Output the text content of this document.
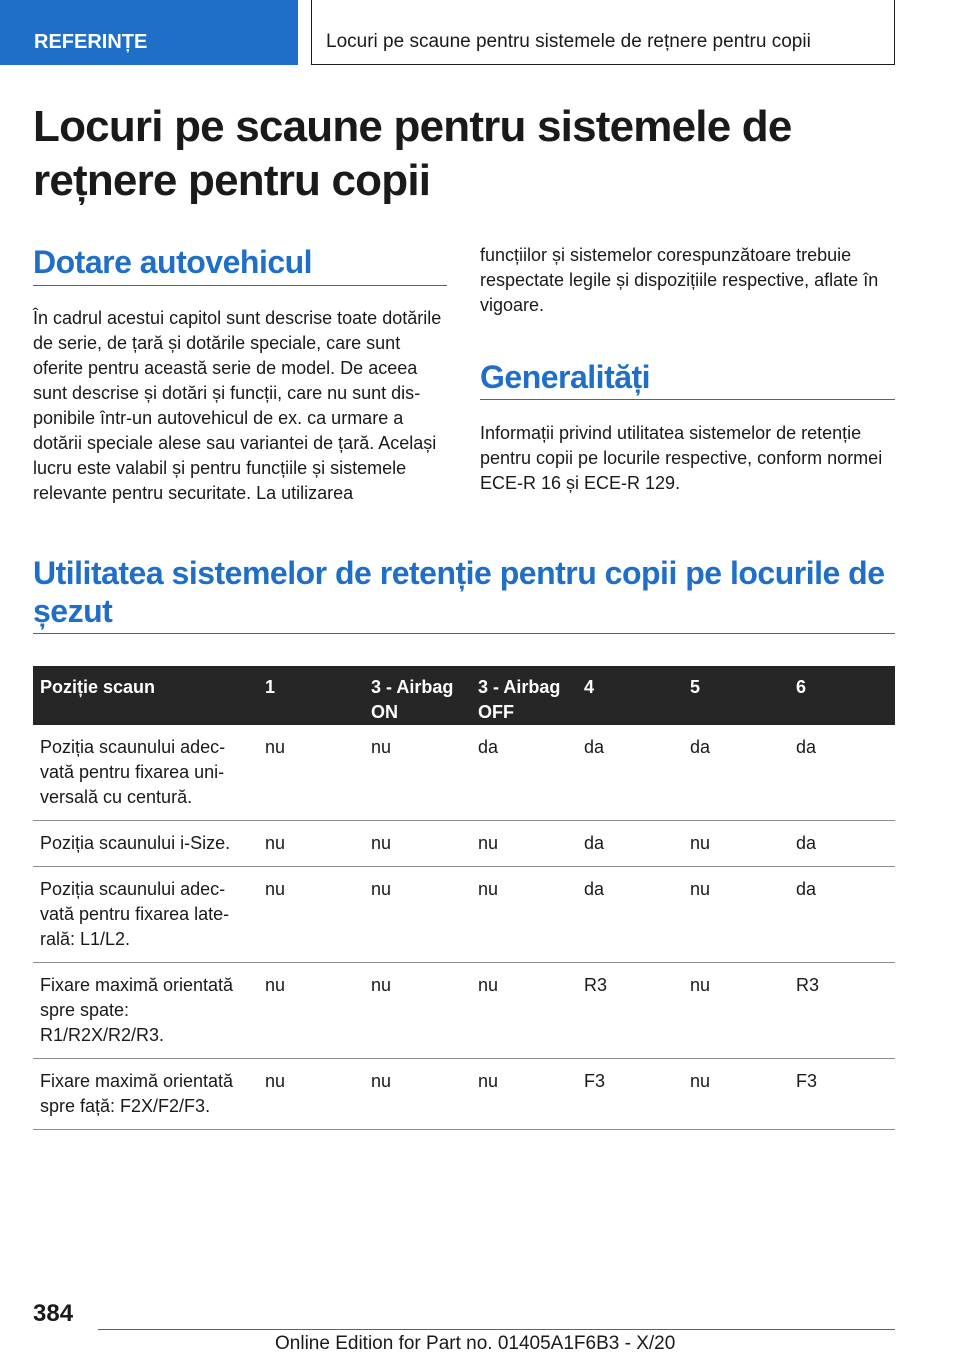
REFERINȚE	Locuri pe scaune pentru sistemele de rețnere pentru copii
Locuri pe scaune pentru sistemele de rețnere pentru copii
Dotare autovehicul

În cadrul acestui capitol sunt descrise toate dotările de serie, de țară și dotările speciale, care sunt oferite pentru această serie de model. De aceea sunt descrise și dotări și funcții, care nu sunt disponibile într-un autovehicul de ex. ca urmare a dotării speciale alese sau variantei de țară. Același lucru este valabil și pentru funcțiile și sistemele relevante pentru securitate. La utilizarea

funcțiilor și sistemelor corespunzătoare trebuie respectate legile și dispozițiile respective, aflate în vigoare.

Generalități

Informații privind utilitatea sistemelor de retenție pentru copii pe locurile respective, conform normei ECE-R 16 și ECE-R 129.

Utilitatea sistemelor de retenție pentru copii pe locurile de șezut
Poziție scaun	1	3 - Airbag ON	3 - Airbag OFF	4	5	6
Poziția scaunului adecvată pentru fixarea universală cu centură.	nu	nu	da	da	da	da
Poziția scaunului i-Size.	nu	nu	nu	da	nu	da
Poziția scaunului adecvată pentru fixarea laterală: L1/L2.	nu	nu	nu	da	nu	da
Fixare maximă orientată spre spate: R1/R2X/R2/R3.	nu	nu	nu	R3	nu	R3
Fixare maximă orientată spre față: F2X/F2/F3.	nu	nu	nu	F3	nu	F3
384
Online Edition for Part no. 01405A1F6B3 - X/20
